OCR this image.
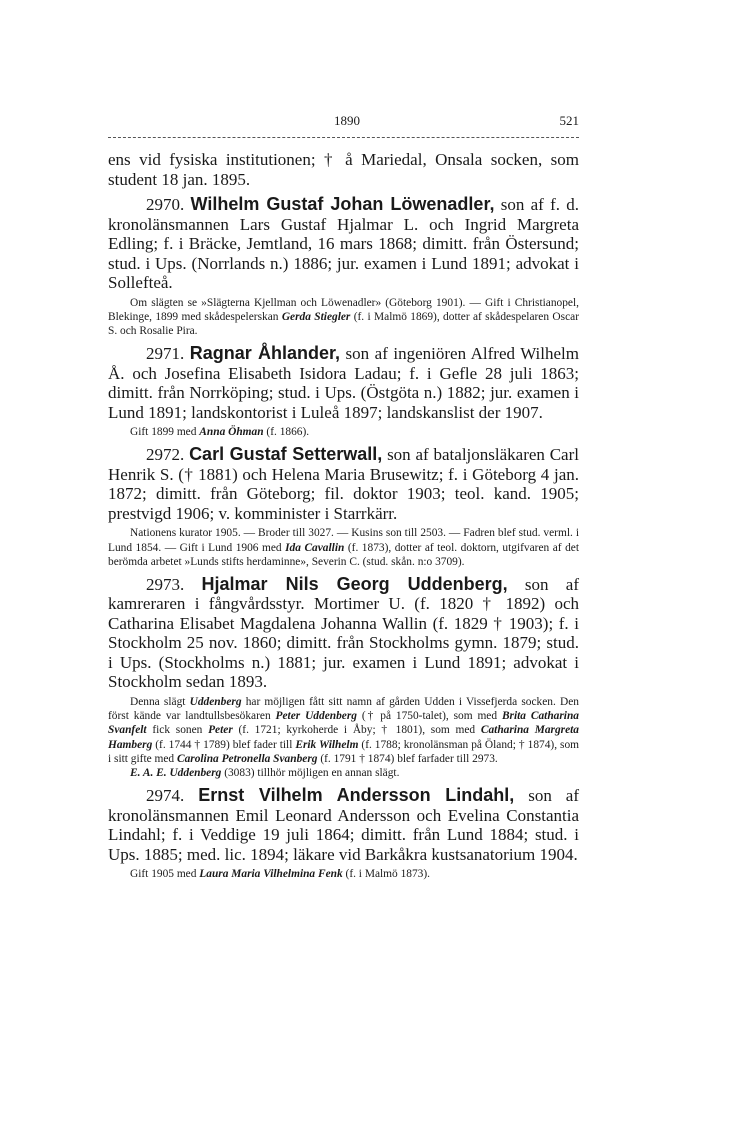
1890	521

ens vid fysiska institutionen; † å Mariedal, Onsala socken, som student 18 jan. 1895.

2970. Wilhelm Gustaf Johan Löwenadler, son af f. d. kronolänsmannen Lars Gustaf Hjalmar L. och Ingrid Margreta Edling; f. i Bräcke, Jemtland, 16 mars 1868; dimitt. från Östersund; stud. i Ups. (Norrlands n.) 1886; jur. examen i Lund 1891; advokat i Sollefteå.

Om slägten se »Slägterna Kjellman och Löwenadler» (Göteborg 1901). — Gift i Christianopel, Blekinge, 1899 med skådespelerskan Gerda Stiegler (f. i Malmö 1869), dotter af skådespelaren Oscar S. och Rosalie Pira.

2971. Ragnar Åhlander, son af ingeniören Alfred Wilhelm Å. och Josefina Elisabeth Isidora Ladau; f. i Gefle 28 juli 1863; dimitt. från Norrköping; stud. i Ups. (Östgöta n.) 1882; jur. examen i Lund 1891; landskontorist i Luleå 1897; landskanslist der 1907.

Gift 1899 med Anna Öhman (f. 1866).

2972. Carl Gustaf Setterwall, son af bataljonsläkaren Carl Henrik S. († 1881) och Helena Maria Brusewitz; f. i Göteborg 4 jan. 1872; dimitt. från Göteborg; fil. doktor 1903; teol. kand. 1905; prestvigd 1906; v. komminister i Starrkärr.

Nationens kurator 1905. — Broder till 3027. — Kusins son till 2503. — Fadren blef stud. verml. i Lund 1854. — Gift i Lund 1906 med Ida Cavallin (f. 1873), dotter af teol. doktorn, utgifvaren af det berömda arbetet »Lunds stifts herdaminne», Severin C. (stud. skån. n:o 3709).

2973. Hjalmar Nils Georg Uddenberg, son af kamreraren i fångvårdsstyr. Mortimer U. (f. 1820 † 1892) och Catharina Elisabet Magdalena Johanna Wallin (f. 1829 † 1903); f. i Stockholm 25 nov. 1860; dimitt. från Stockholms gymn. 1879; stud. i Ups. (Stockholms n.) 1881; jur. examen i Lund 1891; advokat i Stockholm sedan 1893.

Denna slägt Uddenberg har möjligen fått sitt namn af gården Udden i Vissefjerda socken. Den först kände var landtullsbesökaren Peter Uddenberg († på 1750-talet), som med Brita Catharina Svanfelt fick sonen Peter (f. 1721; kyrkoherde i Åby; † 1801), som med Catharina Margreta Hamberg (f. 1744 † 1789) blef fader till Erik Wilhelm (f. 1788; kronolänsman på Öland; † 1874), som i sitt gifte med Carolina Petronella Svanberg (f. 1791 † 1874) blef farfader till 2973.

E. A. E. Uddenberg (3083) tillhör möjligen en annan slägt.

2974. Ernst Vilhelm Andersson Lindahl, son af kronolänsmannen Emil Leonard Andersson och Evelina Constantia Lindahl; f. i Veddige 19 juli 1864; dimitt. från Lund 1884; stud. i Ups. 1885; med. lic. 1894; läkare vid Barkåkra kustsanatorium 1904.

Gift 1905 med Laura Maria Vilhelmina Fenk (f. i Malmö 1873).
